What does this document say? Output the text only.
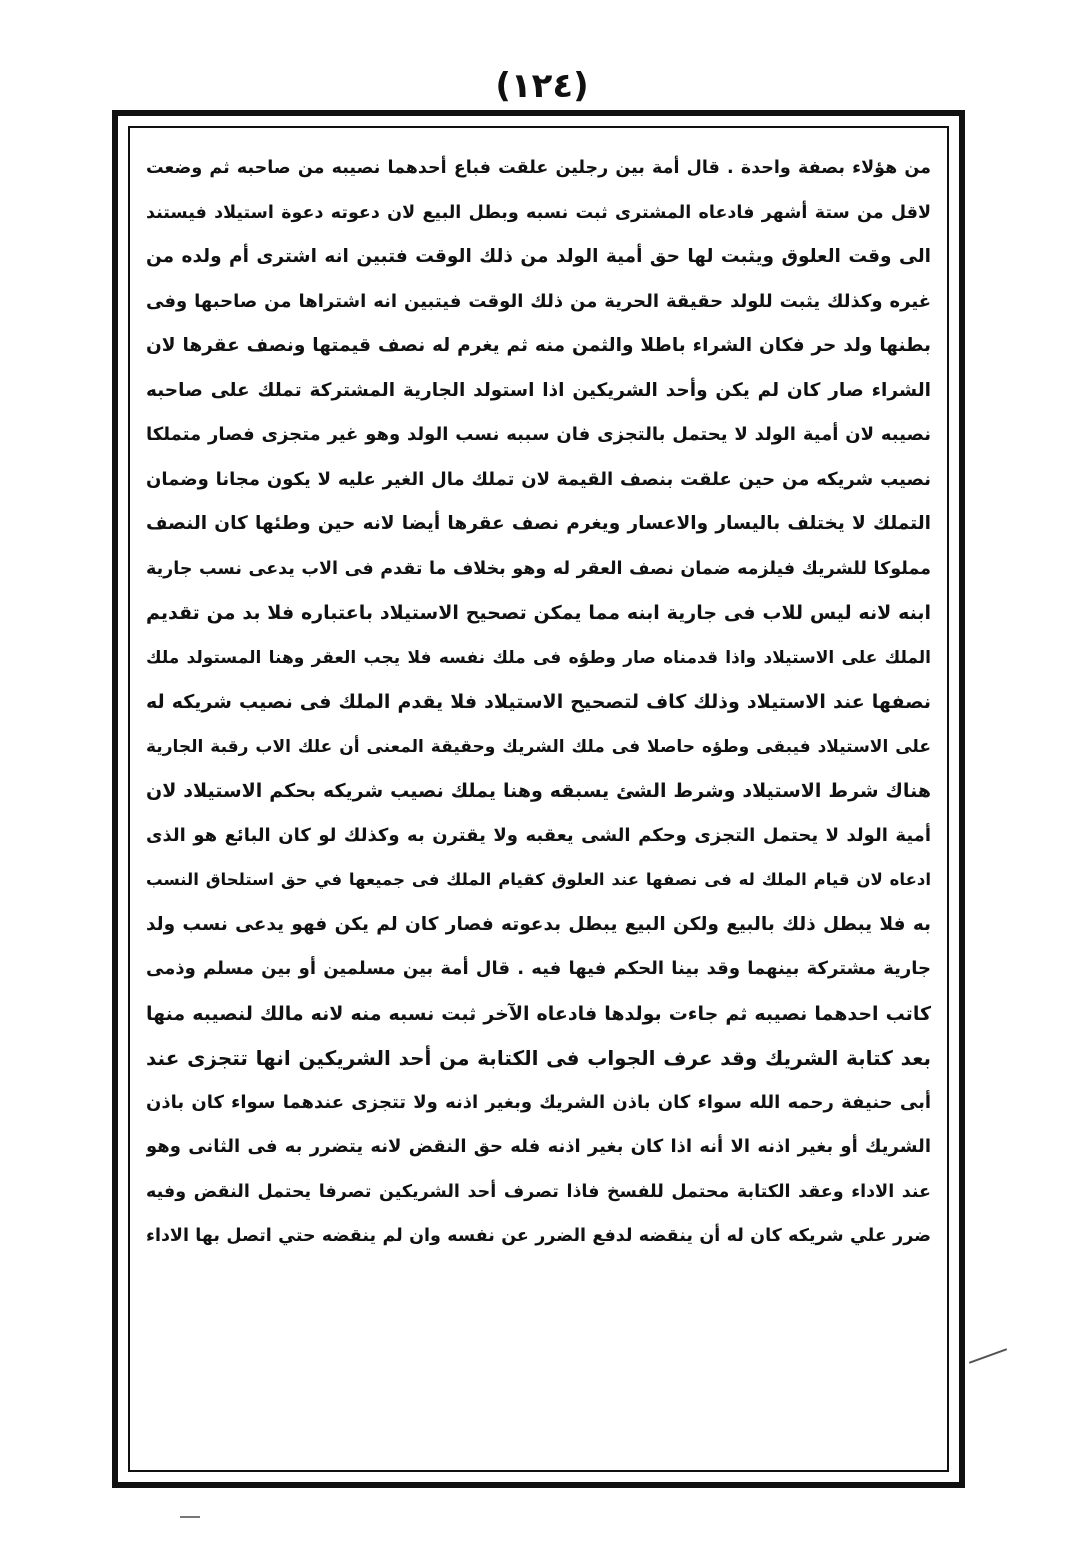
(١٢٤)
من هؤلاء بصفة واحدة . قال أمة بين رجلين علقت فباع أحدهما نصيبه من صاحبه ثم وضعت
لاقل من ستة أشهر فادعاه المشترى ثبت نسبه وبطل البيع لان دعوته دعوة استيلاد فيستند
الى وقت العلوق ويثبت لها حق أمية الولد من ذلك الوقت فتبين انه اشترى أم ولده من
غيره وكذلك يثبت للولد حقيقة الحرية من ذلك الوقت فيتبين انه اشتراها من صاحبها وفى
بطنها ولد حر فكان الشراء باطلا والثمن منه ثم يغرم له نصف قيمتها ونصف عقرها لان
الشراء صار كان لم يكن وأحد الشريكين اذا استولد الجارية المشتركة تملك على صاحبه
نصيبه لان أمية الولد لا يحتمل بالتجزى فان سببه نسب الولد وهو غير متجزى فصار متملكا
نصيب شريكه من حين علقت بنصف القيمة لان تملك مال الغير عليه لا يكون مجانا وضمان
التملك لا يختلف باليسار والاعسار ويغرم نصف عقرها أيضا لانه حين وطئها كان النصف
مملوكا للشريك فيلزمه ضمان نصف العقر له وهو بخلاف ما تقدم فى الاب يدعى نسب جارية
ابنه لانه ليس للاب فى جارية ابنه مما يمكن تصحيح الاستيلاد باعتباره فلا بد من تقديم
الملك على الاستيلاد واذا قدمناه صار وطؤه فى ملك نفسه فلا يجب العقر وهنا المستولد ملك
نصفها عند الاستيلاد وذلك كاف لتصحيح الاستيلاد فلا يقدم الملك فى نصيب شريكه له
على الاستيلاد فيبقى وطؤه حاصلا فى ملك الشريك وحقيقة المعنى أن علك الاب رقبة الجارية
هناك شرط الاستيلاد وشرط الشئ يسبقه وهنا يملك نصيب شريكه بحكم الاستيلاد لان
أمية الولد لا يحتمل التجزى وحكم الشى يعقبه ولا يقترن به وكذلك لو كان البائع هو الذى
ادعاه لان قيام الملك له فى نصفها عند العلوق كقيام الملك فى جميعها في حق استلحاق النسب
به فلا يبطل ذلك بالبيع ولكن البيع يبطل بدعوته فصار كان لم يكن فهو يدعى نسب ولد
جارية مشتركة بينهما وقد بينا الحكم فيها فيه . قال أمة بين مسلمين أو بين مسلم وذمى
كاتب احدهما نصيبه ثم جاءت بولدها فادعاه الآخر ثبت نسبه منه لانه مالك لنصيبه منها
بعد كتابة الشريك وقد عرف الجواب فى الكتابة من أحد الشريكين انها تتجزى عند
أبى حنيفة رحمه الله سواء كان باذن الشريك وبغير اذنه ولا تتجزى عندهما سواء كان باذن
الشريك أو بغير اذنه الا أنه اذا كان بغير اذنه فله حق النقض لانه يتضرر به فى الثانى وهو
عند الاداء وعقد الكتابة محتمل للفسخ فاذا تصرف أحد الشريكين تصرفا يحتمل النقض وفيه
ضرر علي شريكه كان له أن ينقضه لدفع الضرر عن نفسه وان لم ينقضه حتي اتصل بها الاداء
